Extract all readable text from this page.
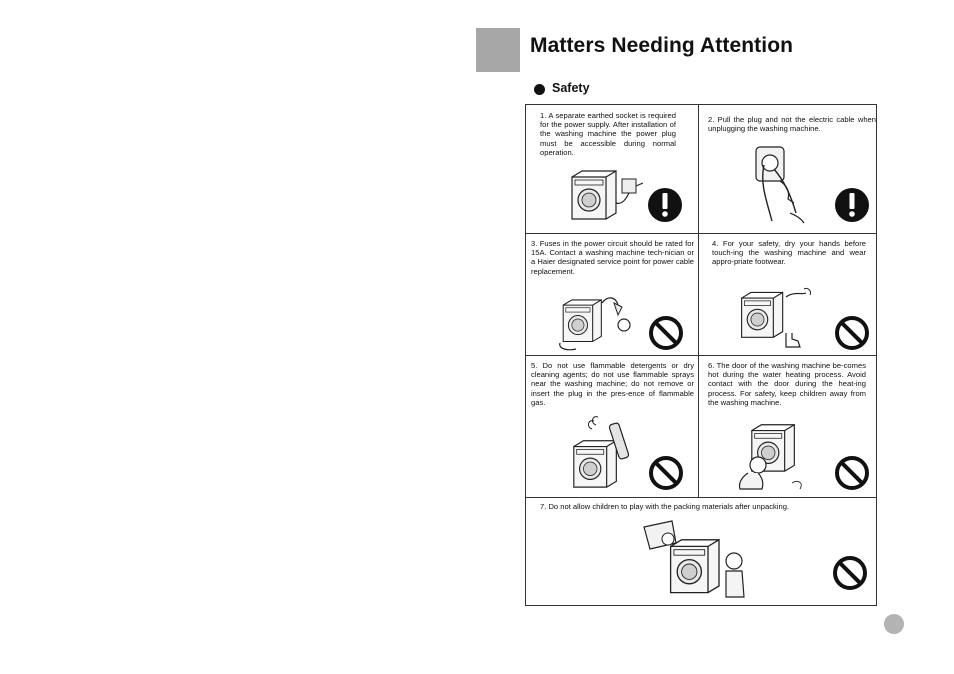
Matters Needing Attention
Safety
1. A separate earthed socket is required for the power supply. After installation of the washing machine the power plug must be accessible during normal operation.
2. Pull the plug and not the electric cable when unplugging the washing machine.
3. Fuses in the power circuit should be rated for 15A. Contact a washing machine tech-nician or a Haier designated service point for power cable replacement.
4. For your safety, dry your hands before touch-ing the washing machine and wear appro-priate footwear.
5. Do not use flammable detergents or dry cleaning agents; do not use flammable sprays near the washing machine; do not remove or insert the plug in the pres-ence of flammable gas.
6. The door of the washing machine be-comes hot during the water heating process. Avoid contact with the door during the heat-ing process. For safety, keep children away from the washing machine.
7. Do not allow children to play with the packing materials after unpacking.
